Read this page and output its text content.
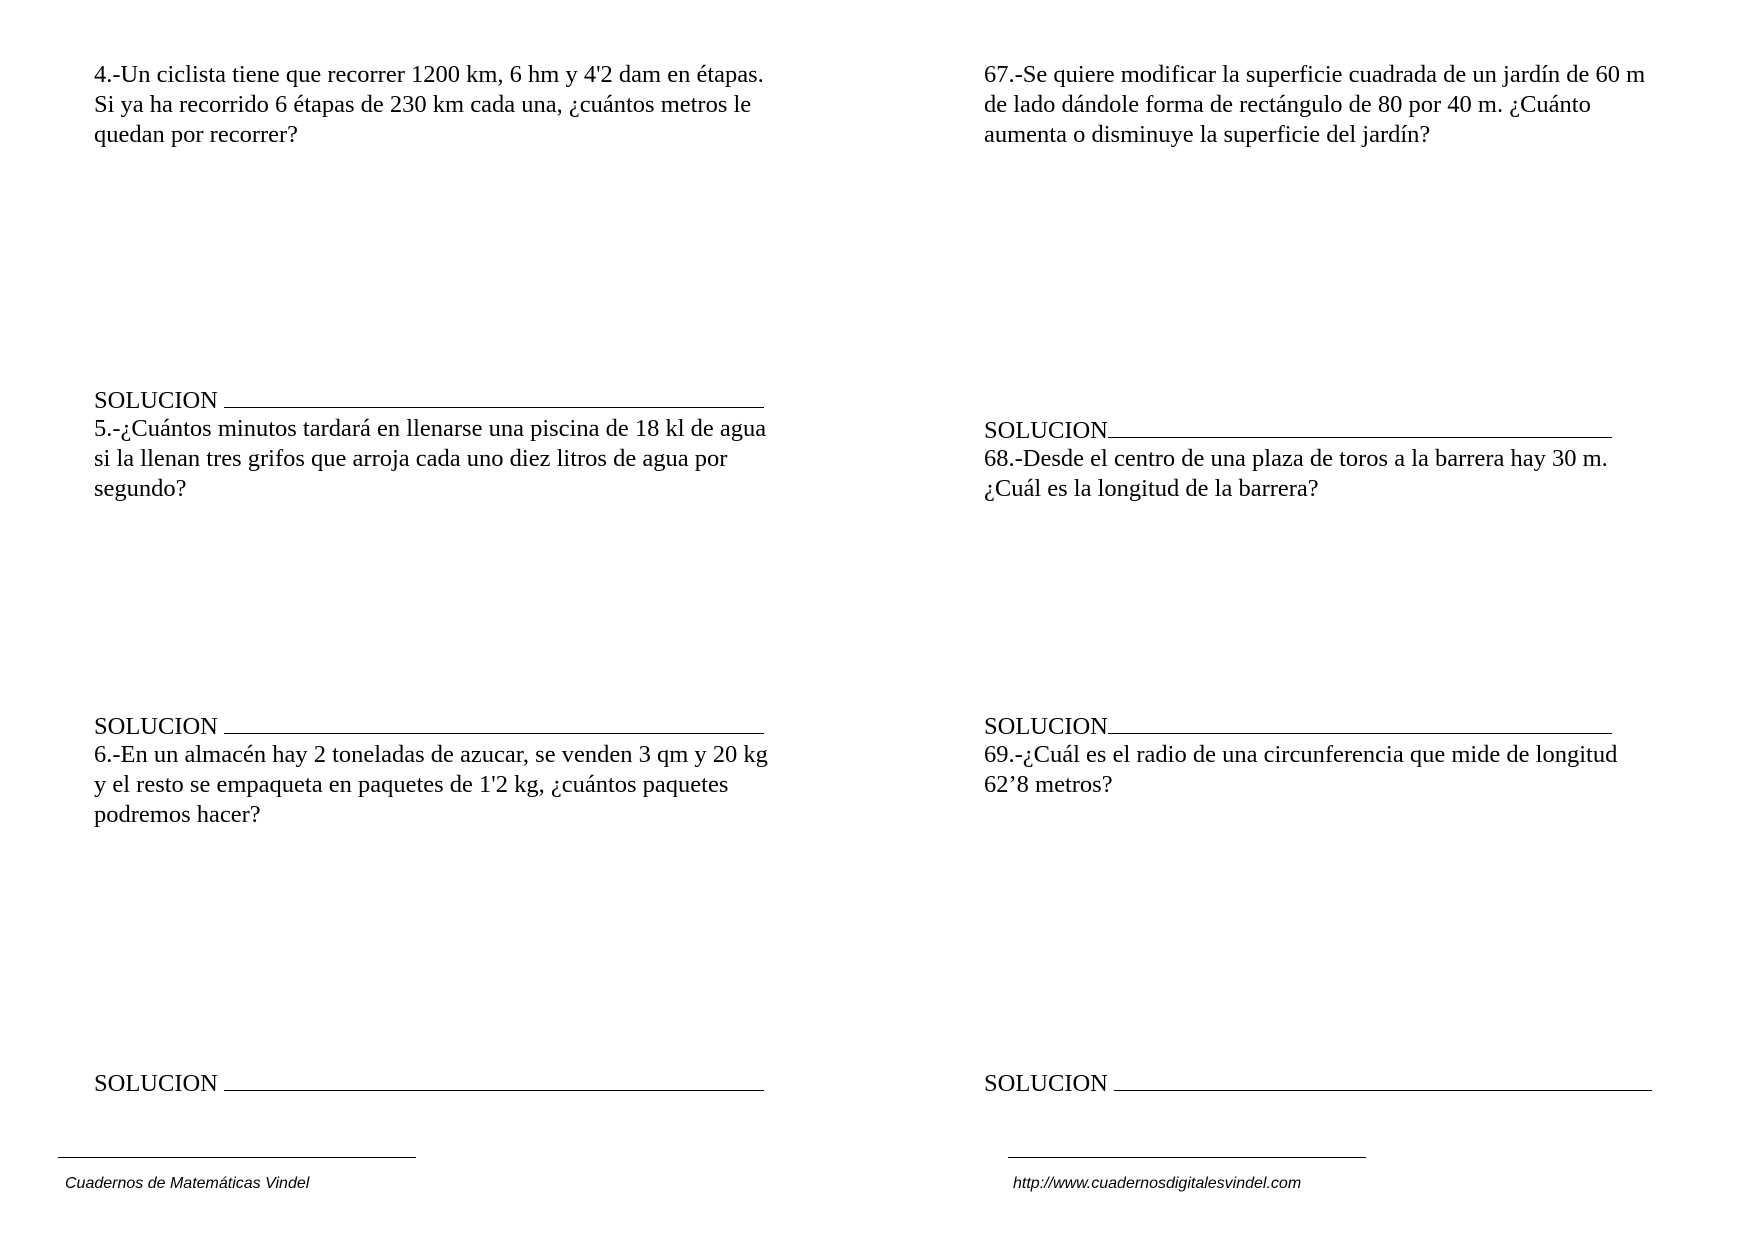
4.-Un ciclista tiene que recorrer 1200 km, 6 hm y 4'2 dam en étapas.

Si ya ha recorrido 6 étapas de 230 km cada una, ¿cuántos metros le

quedan por recorrer?

SOLUCION

5.-¿Cuántos minutos tardará en llenarse una piscina de 18 kl de agua

si la llenan tres grifos que arroja cada uno diez litros de agua por

segundo?

SOLUCION

6.-En un almacén hay 2 toneladas de azucar, se venden 3 qm y 20 kg

y el resto se empaqueta en paquetes de 1'2 kg, ¿cuántos paquetes

podremos hacer?

SOLUCION

67.-Se quiere modificar la superficie cuadrada de un jardín de 60 m

de lado dándole forma de rectángulo de 80 por 40 m. ¿Cuánto

aumenta o disminuye la superficie del jardín?

SOLUCION

68.-Desde el centro de una plaza de toros a la barrera hay 30 m.

¿Cuál es la longitud de la barrera?

SOLUCION

69.-¿Cuál es el radio de una circunferencia que mide de longitud

62’8 metros?

SOLUCION
Cuadernos de Matemáticas Vindel	http://www.cuadernosdigitalesvindel.com
